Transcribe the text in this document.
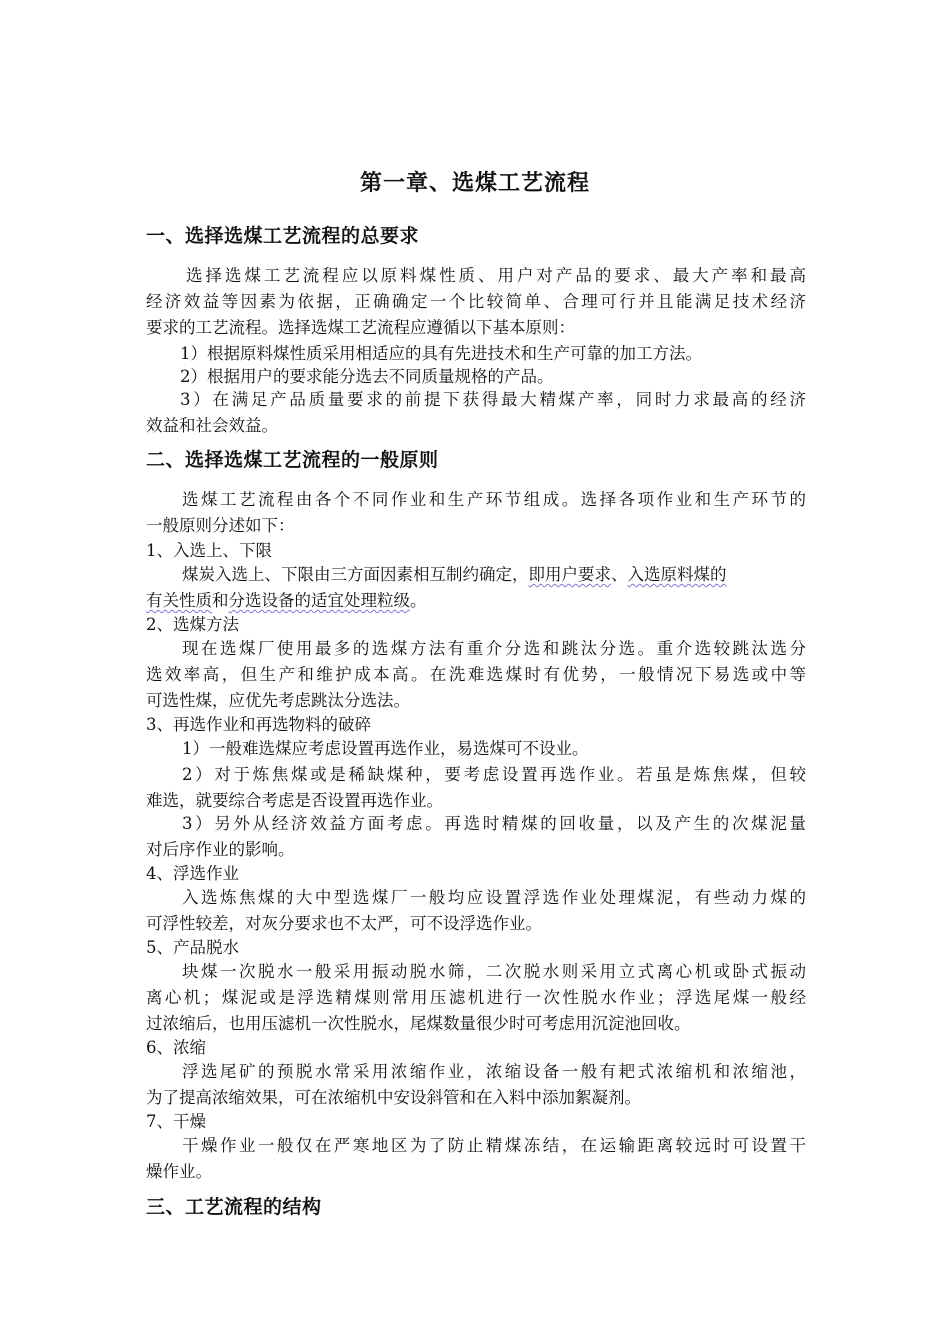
第一章、选煤工艺流程
一、选择选煤工艺流程的总要求
选择选煤工艺流程应以原料煤性质、用户对产品的要求、最大产率和最高
经济效益等因素为依据，正确确定一个比较简单、合理可行并且能满足技术经济
要求的工艺流程。选择选煤工艺流程应遵循以下基本原则：
1）根据原料煤性质采用相适应的具有先进技术和生产可靠的加工方法。
2）根据用户的要求能分选去不同质量规格的产品。
3）在满足产品质量要求的前提下获得最大精煤产率，同时力求最高的经济
效益和社会效益。
二、选择选煤工艺流程的一般原则
选煤工艺流程由各个不同作业和生产环节组成。选择各项作业和生产环节的
一般原则分述如下：
1、入选上、下限
煤炭入选上、下限由三方面因素相互制约确定，即用户要求、入选原料煤的
有关性质和分选设备的适宜处理粒级。
2、选煤方法
现在选煤厂使用最多的选煤方法有重介分选和跳汰分选。重介选较跳汰选分
选效率高，但生产和维护成本高。在洗难选煤时有优势，一般情况下易选或中等
可选性煤，应优先考虑跳汰分选法。
3、再选作业和再选物料的破碎
1）一般难选煤应考虑设置再选作业，易选煤可不设业。
2）对于炼焦煤或是稀缺煤种，要考虑设置再选作业。若虽是炼焦煤，但较
难选，就要综合考虑是否设置再选作业。
3）另外从经济效益方面考虑。再选时精煤的回收量，以及产生的次煤泥量
对后序作业的影响。
4、浮选作业
入选炼焦煤的大中型选煤厂一般均应设置浮选作业处理煤泥，有些动力煤的
可浮性较差，对灰分要求也不太严，可不设浮选作业。
5、产品脱水
块煤一次脱水一般采用振动脱水筛，二次脱水则采用立式离心机或卧式振动
离心机；煤泥或是浮选精煤则常用压滤机进行一次性脱水作业；浮选尾煤一般经
过浓缩后，也用压滤机一次性脱水，尾煤数量很少时可考虑用沉淀池回收。
6、浓缩
浮选尾矿的预脱水常采用浓缩作业，浓缩设备一般有耙式浓缩机和浓缩池，
为了提高浓缩效果，可在浓缩机中安设斜管和在入料中添加絮凝剂。
7、干燥
干燥作业一般仅在严寒地区为了防止精煤冻结，在运输距离较远时可设置干
燥作业。
三、工艺流程的结构
